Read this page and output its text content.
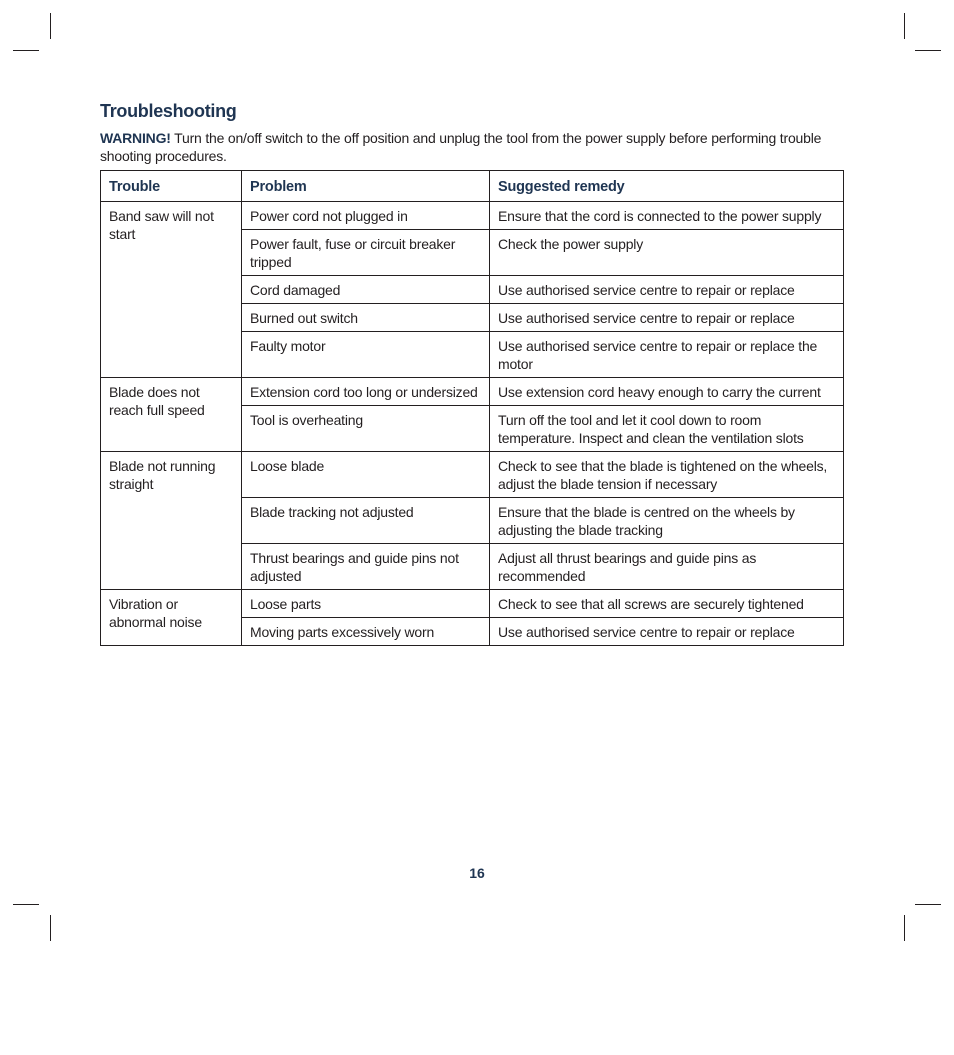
Troubleshooting

WARNING! Turn the on/off switch to the off position and unplug the tool from the power supply before performing trouble shooting procedures.

Trouble	Problem	Suggested remedy
Band saw will not start	Power cord not plugged in	Ensure that the cord is connected to the power supply
	Power fault, fuse or circuit breaker tripped	Check the power supply
	Cord damaged	Use authorised service centre to repair or replace
	Burned out switch	Use authorised service centre to repair or replace
	Faulty motor	Use authorised service centre to repair or replace the motor
Blade does not reach full speed	Extension cord too long or undersized	Use extension cord heavy enough to carry the current
	Tool is overheating	Turn off the tool and let it cool down to room temperature. Inspect and clean the ventilation slots
Blade not running straight	Loose blade	Check to see that the blade is tightened on the wheels, adjust the blade tension if necessary
	Blade tracking not adjusted	Ensure that the blade is centred on the wheels by adjusting the blade tracking
	Thrust bearings and guide pins not adjusted	Adjust all thrust bearings and guide pins as recommended
Vibration or abnormal noise	Loose parts	Check to see that all screws are securely tightened
	Moving parts excessively worn	Use authorised service centre to repair or replace
16
